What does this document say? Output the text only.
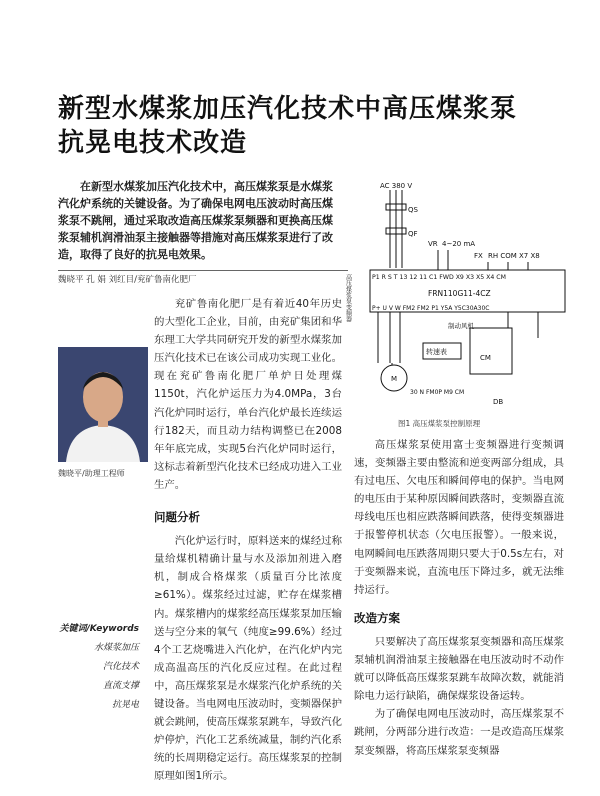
新型水煤浆加压汽化技术中高压煤浆泵
抗晃电技术改造

在新型水煤浆加压汽化技术中，高压煤浆泵是水煤浆汽化炉系统的关键设备。为了确保电网电压波动时高压煤浆泵不跳闸，通过采取改造高压煤浆泵频器和更换高压煤浆泵辅机润滑油泵主接触器等措施对高压煤浆泵进行了改造，取得了良好的抗晃电效果。

魏晓平 孔 娟 刘红目/兖矿鲁南化肥厂
魏晓平/助理工程师

兖矿鲁南化肥厂是有着近40年历史的大型化工企业，目前，由兖矿集团和华东理工大学共同研究开发的新型水煤浆加压汽化技术已在该公司成功实现工业化。现在兖矿鲁南化肥厂单炉日处理煤1150t，汽化炉运压力为4.0MPa，3台汽化炉同时运行，单台汽化炉最长连续运行182天，而且动力结构调整已在2008年年底完成，实现5台汽化炉同时运行，这标志着新型汽化技术已经成功进入工业生产。

问题分析

汽化炉运行时，原料送来的煤经过称量给煤机精确计量与水及添加剂进入磨机，制成合格煤浆（质量百分比浓度≥61%）。煤浆经过过滤，贮存在煤浆槽内。煤浆槽内的煤浆经高压煤浆泵加压输送与空分来的氧气（纯度≥99.6%）经过4个工艺烧嘴进入汽化炉，在汽化炉内完成高温高压的汽化反应过程。在此过程中，高压煤浆泵是水煤浆汽化炉系统的关键设备。当电网电压波动时，变频器保护就会跳闸，使高压煤浆泵跳车，导致汽化炉停炉，汽化工艺系统减量，制约汽化系统的长周期稳定运行。高压煤浆泵的控制原理如图1所示。

关键词/Keywords
水煤浆加压
汽化技术
直流支撑
抗晃电
AC 380 V
QS
QF
VR 4~20 mA
FX RH COM X7 X8
P1 R S T 13 12 11 C1 FWD X9 X3 X5 X4 CM
FRN110G11-4CZ
P+ U V W FM2 FM2 P1 Y5A Y5C30A30C
高压煤浆泵变频器
M
转速表
制动风机
CM
DB
30 N FM0P M9 CM
图1 高压煤浆泵控制原理

高压煤浆泵使用富士变频器进行变频调速，变频器主要由整流和逆变两部分组成，具有过电压、欠电压和瞬间停电的保护。当电网的电压由于某种原因瞬间跌落时，变频器直流母线电压也相应跌落瞬间跌落，使得变频器进于报警停机状态（欠电压报警）。一般来说，电网瞬间电压跌落周期只要大于0.5s左右，对于变频器来说，直流电压下降过多，就无法维持运行。

改造方案

只要解决了高压煤浆泵变频器和高压煤浆泵辅机润滑油泵主接触器在电压波动时不动作就可以降低高压煤浆泵跳车故障次数，就能消除电力运行缺陷，确保煤浆设备运转。

为了确保电网电压波动时，高压煤浆泵不跳闸，分两部分进行改造：一是改造高压煤浆泵变频器，将高压煤浆泵变频器
